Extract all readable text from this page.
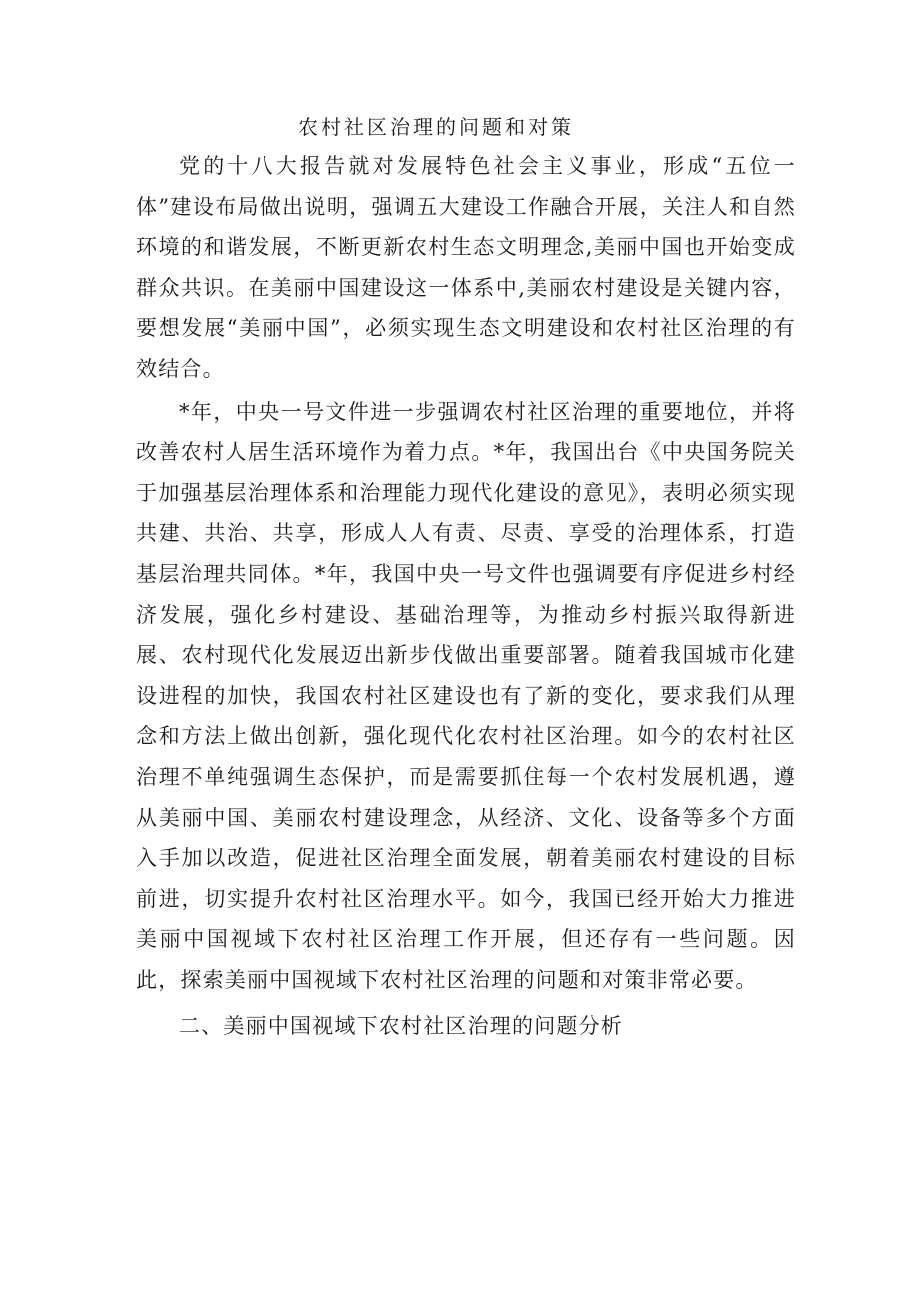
农村社区治理的问题和对策

党的十八大报告就对发展特色社会主义事业，形成“五位一体”建设布局做出说明，强调五大建设工作融合开展，关注人和自然环境的和谐发展，不断更新农村生态文明理念,美丽中国也开始变成群众共识。在美丽中国建设这一体系中,美丽农村建设是关键内容，要想发展“美丽中国”，必须实现生态文明建设和农村社区治理的有效结合。

*年，中央一号文件进一步强调农村社区治理的重要地位，并将改善农村人居生活环境作为着力点。*年，我国出台《中央国务院关于加强基层治理体系和治理能力现代化建设的意见》，表明必须实现共建、共治、共享，形成人人有责、尽责、享受的治理体系，打造基层治理共同体。*年，我国中央一号文件也强调要有序促进乡村经济发展，强化乡村建设、基础治理等，为推动乡村振兴取得新进展、农村现代化发展迈出新步伐做出重要部署。随着我国城市化建设进程的加快，我国农村社区建设也有了新的变化，要求我们从理念和方法上做出创新，强化现代化农村社区治理。如今的农村社区治理不单纯强调生态保护，而是需要抓住每一个农村发展机遇，遵从美丽中国、美丽农村建设理念，从经济、文化、设备等多个方面入手加以改造，促进社区治理全面发展，朝着美丽农村建设的目标前进，切实提升农村社区治理水平。如今，我国已经开始大力推进美丽中国视域下农村社区治理工作开展，但还存有一些问题。因此，探索美丽中国视域下农村社区治理的问题和对策非常必要。

二、美丽中国视域下农村社区治理的问题分析
